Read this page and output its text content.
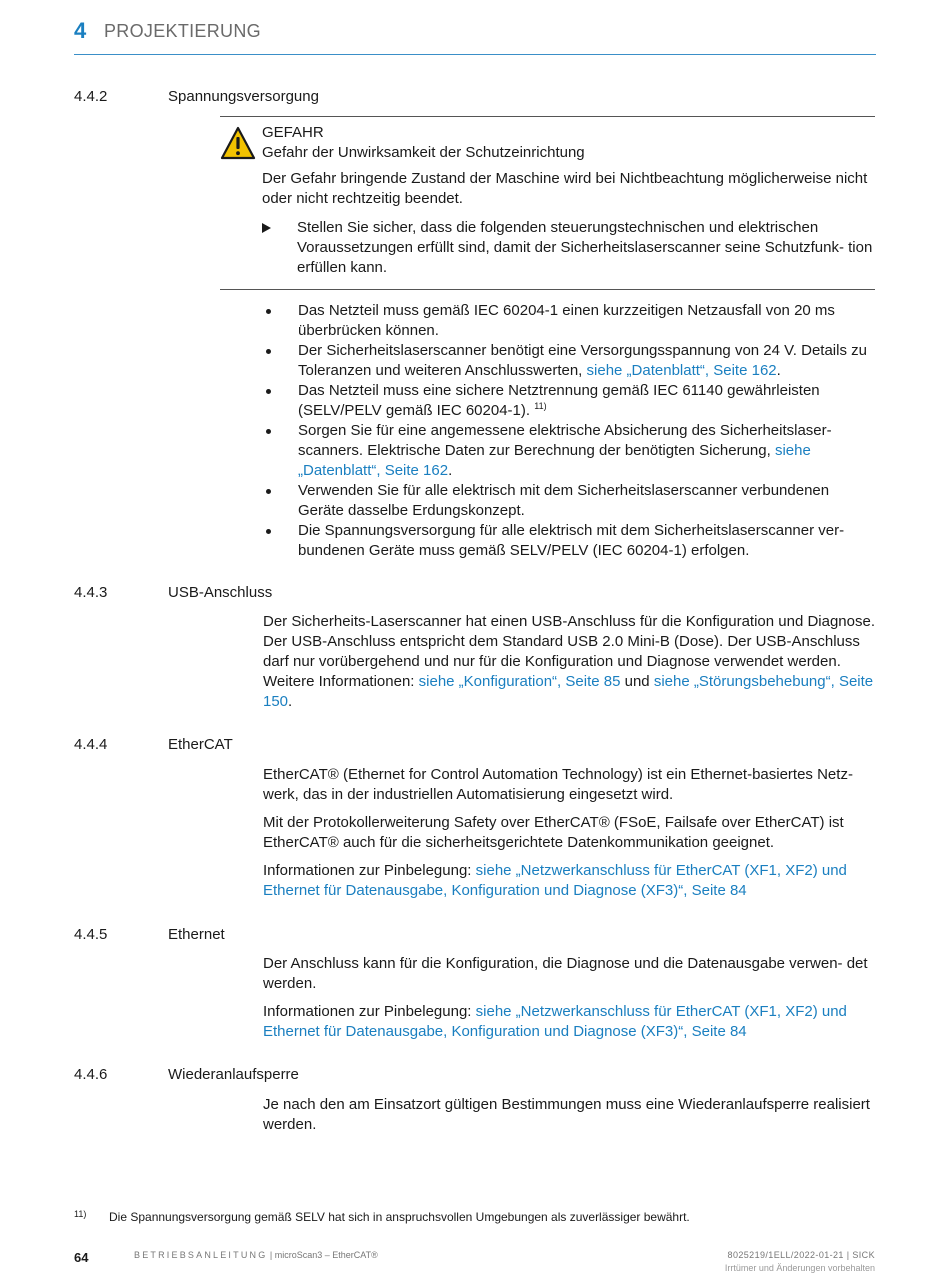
4 PROJEKTIERUNG
4.4.2	Spannungsversorgung
GEFAHR
Gefahr der Unwirksamkeit der Schutzeinrichtung
Der Gefahr bringende Zustand der Maschine wird bei Nichtbeachtung möglicherweise nicht oder nicht rechtzeitig beendet.
Stellen Sie sicher, dass die folgenden steuerungstechnischen und elektrischen Voraussetzungen erfüllt sind, damit der Sicherheitslaserscanner seine Schutzfunk- tion erfüllen kann.
Das Netzteil muss gemäß IEC 60204-1 einen kurzzeitigen Netzausfall von 20 ms überbrücken können.
Der Sicherheitslaserscanner benötigt eine Versorgungsspannung von 24 V. Details zu Toleranzen und weiteren Anschlusswerten, siehe „Datenblatt“, Seite 162.
Das Netzteil muss eine sichere Netztrennung gemäß IEC 61140 gewährleisten (SELV/PELV gemäß IEC 60204-1). $^{11)}$
Sorgen Sie für eine angemessene elektrische Absicherung des Sicherheitslaser- scanners. Elektrische Daten zur Berechnung der benötigten Sicherung, siehe „Datenblatt“, Seite 162.
Verwenden Sie für alle elektrisch mit dem Sicherheitslaserscanner verbundenen Geräte dasselbe Erdungskonzept.
Die Spannungsversorgung für alle elektrisch mit dem Sicherheitslaserscanner ver- bundenen Geräte muss gemäß SELV/PELV (IEC 60204-1) erfolgen.
4.4.3	USB-Anschluss

Der Sicherheits-Laserscanner hat einen USB-Anschluss für die Konfiguration und Diagnose. Der USB-Anschluss entspricht dem Standard USB 2.0 Mini-B (Dose). Der USB-Anschluss darf nur vorübergehend und nur für die Konfiguration und Diagnose verwendet werden. Weitere Informationen: siehe „Konfiguration“, Seite 85 und siehe „Störungsbehebung“, Seite 150.

4.4.4	EtherCAT

EtherCAT® (Ethernet for Control Automation Technology) ist ein Ethernet-basiertes Netz- werk, das in der industriellen Automatisierung eingesetzt wird.

Mit der Protokollerweiterung Safety over EtherCAT® (FSoE, Failsafe over EtherCAT) ist EtherCAT® auch für die sicherheitsgerichtete Datenkommunikation geeignet.

Informationen zur Pinbelegung: siehe „Netzwerkanschluss für EtherCAT (XF1, XF2) und Ethernet für Datenausgabe, Konfiguration und Diagnose (XF3)“, Seite 84

4.4.5	Ethernet

Der Anschluss kann für die Konfiguration, die Diagnose und die Datenausgabe verwen- det werden.

Informationen zur Pinbelegung: siehe „Netzwerkanschluss für EtherCAT (XF1, XF2) und Ethernet für Datenausgabe, Konfiguration und Diagnose (XF3)“, Seite 84

4.4.6	Wiederanlaufsperre

Je nach den am Einsatzort gültigen Bestimmungen muss eine Wiederanlaufsperre realisiert werden.

11) Die Spannungsversorgung gemäß SELV hat sich in anspruchsvollen Umgebungen als zuverlässiger bewährt.
64	BETRIEBSANLEITUNG | microScan3 – EtherCAT®	8025219/1ELL/2022-01-21 | SICK
Irrtümer und Änderungen vorbehalten
